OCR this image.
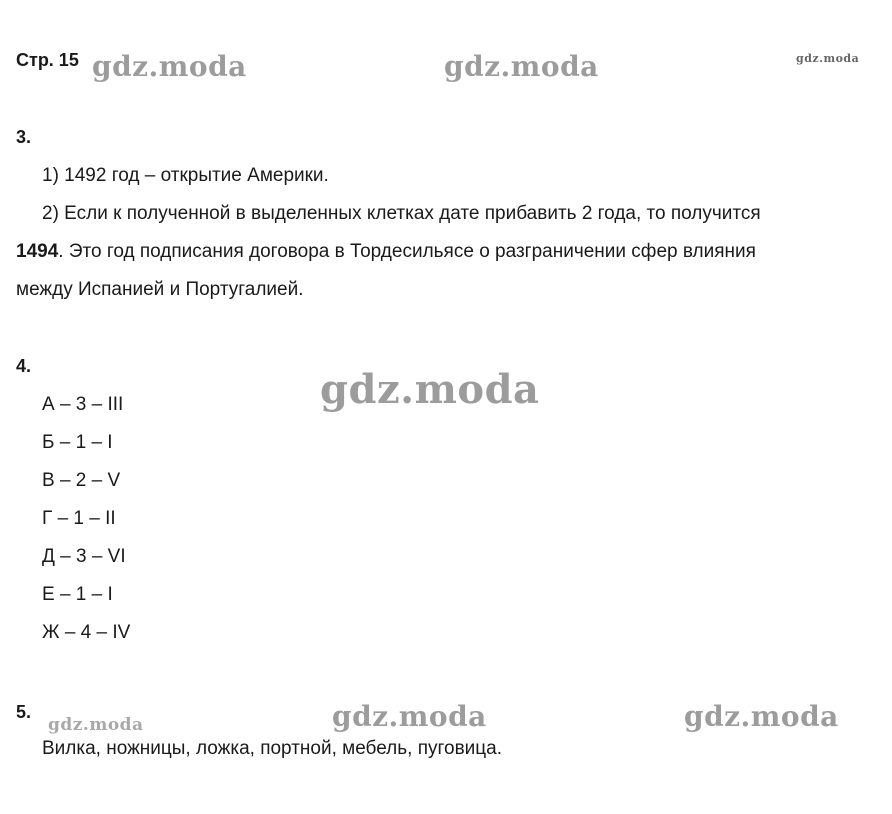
Стр. 15 gdz.moda	gdz.moda	gdz.moda
gdz.moda
gdz.moda	gdz.moda	gdz.moda
3.
1) 1492 год – открытие Америки.
2) Если к полученной в выделенных клетках дате прибавить 2 года, то получится
1494. Это год подписания договора в Тордесильясе о разграничении сфер влияния
между Испанией и Португалией.
4.
А – 3 – III
Б – 1 – I
В – 2 – V
Г – 1 – II
Д – 3 – VI
Е – 1 – I
Ж – 4 – IV
5.
Вилка, ножницы, ложка, портной, мебель, пуговица.
